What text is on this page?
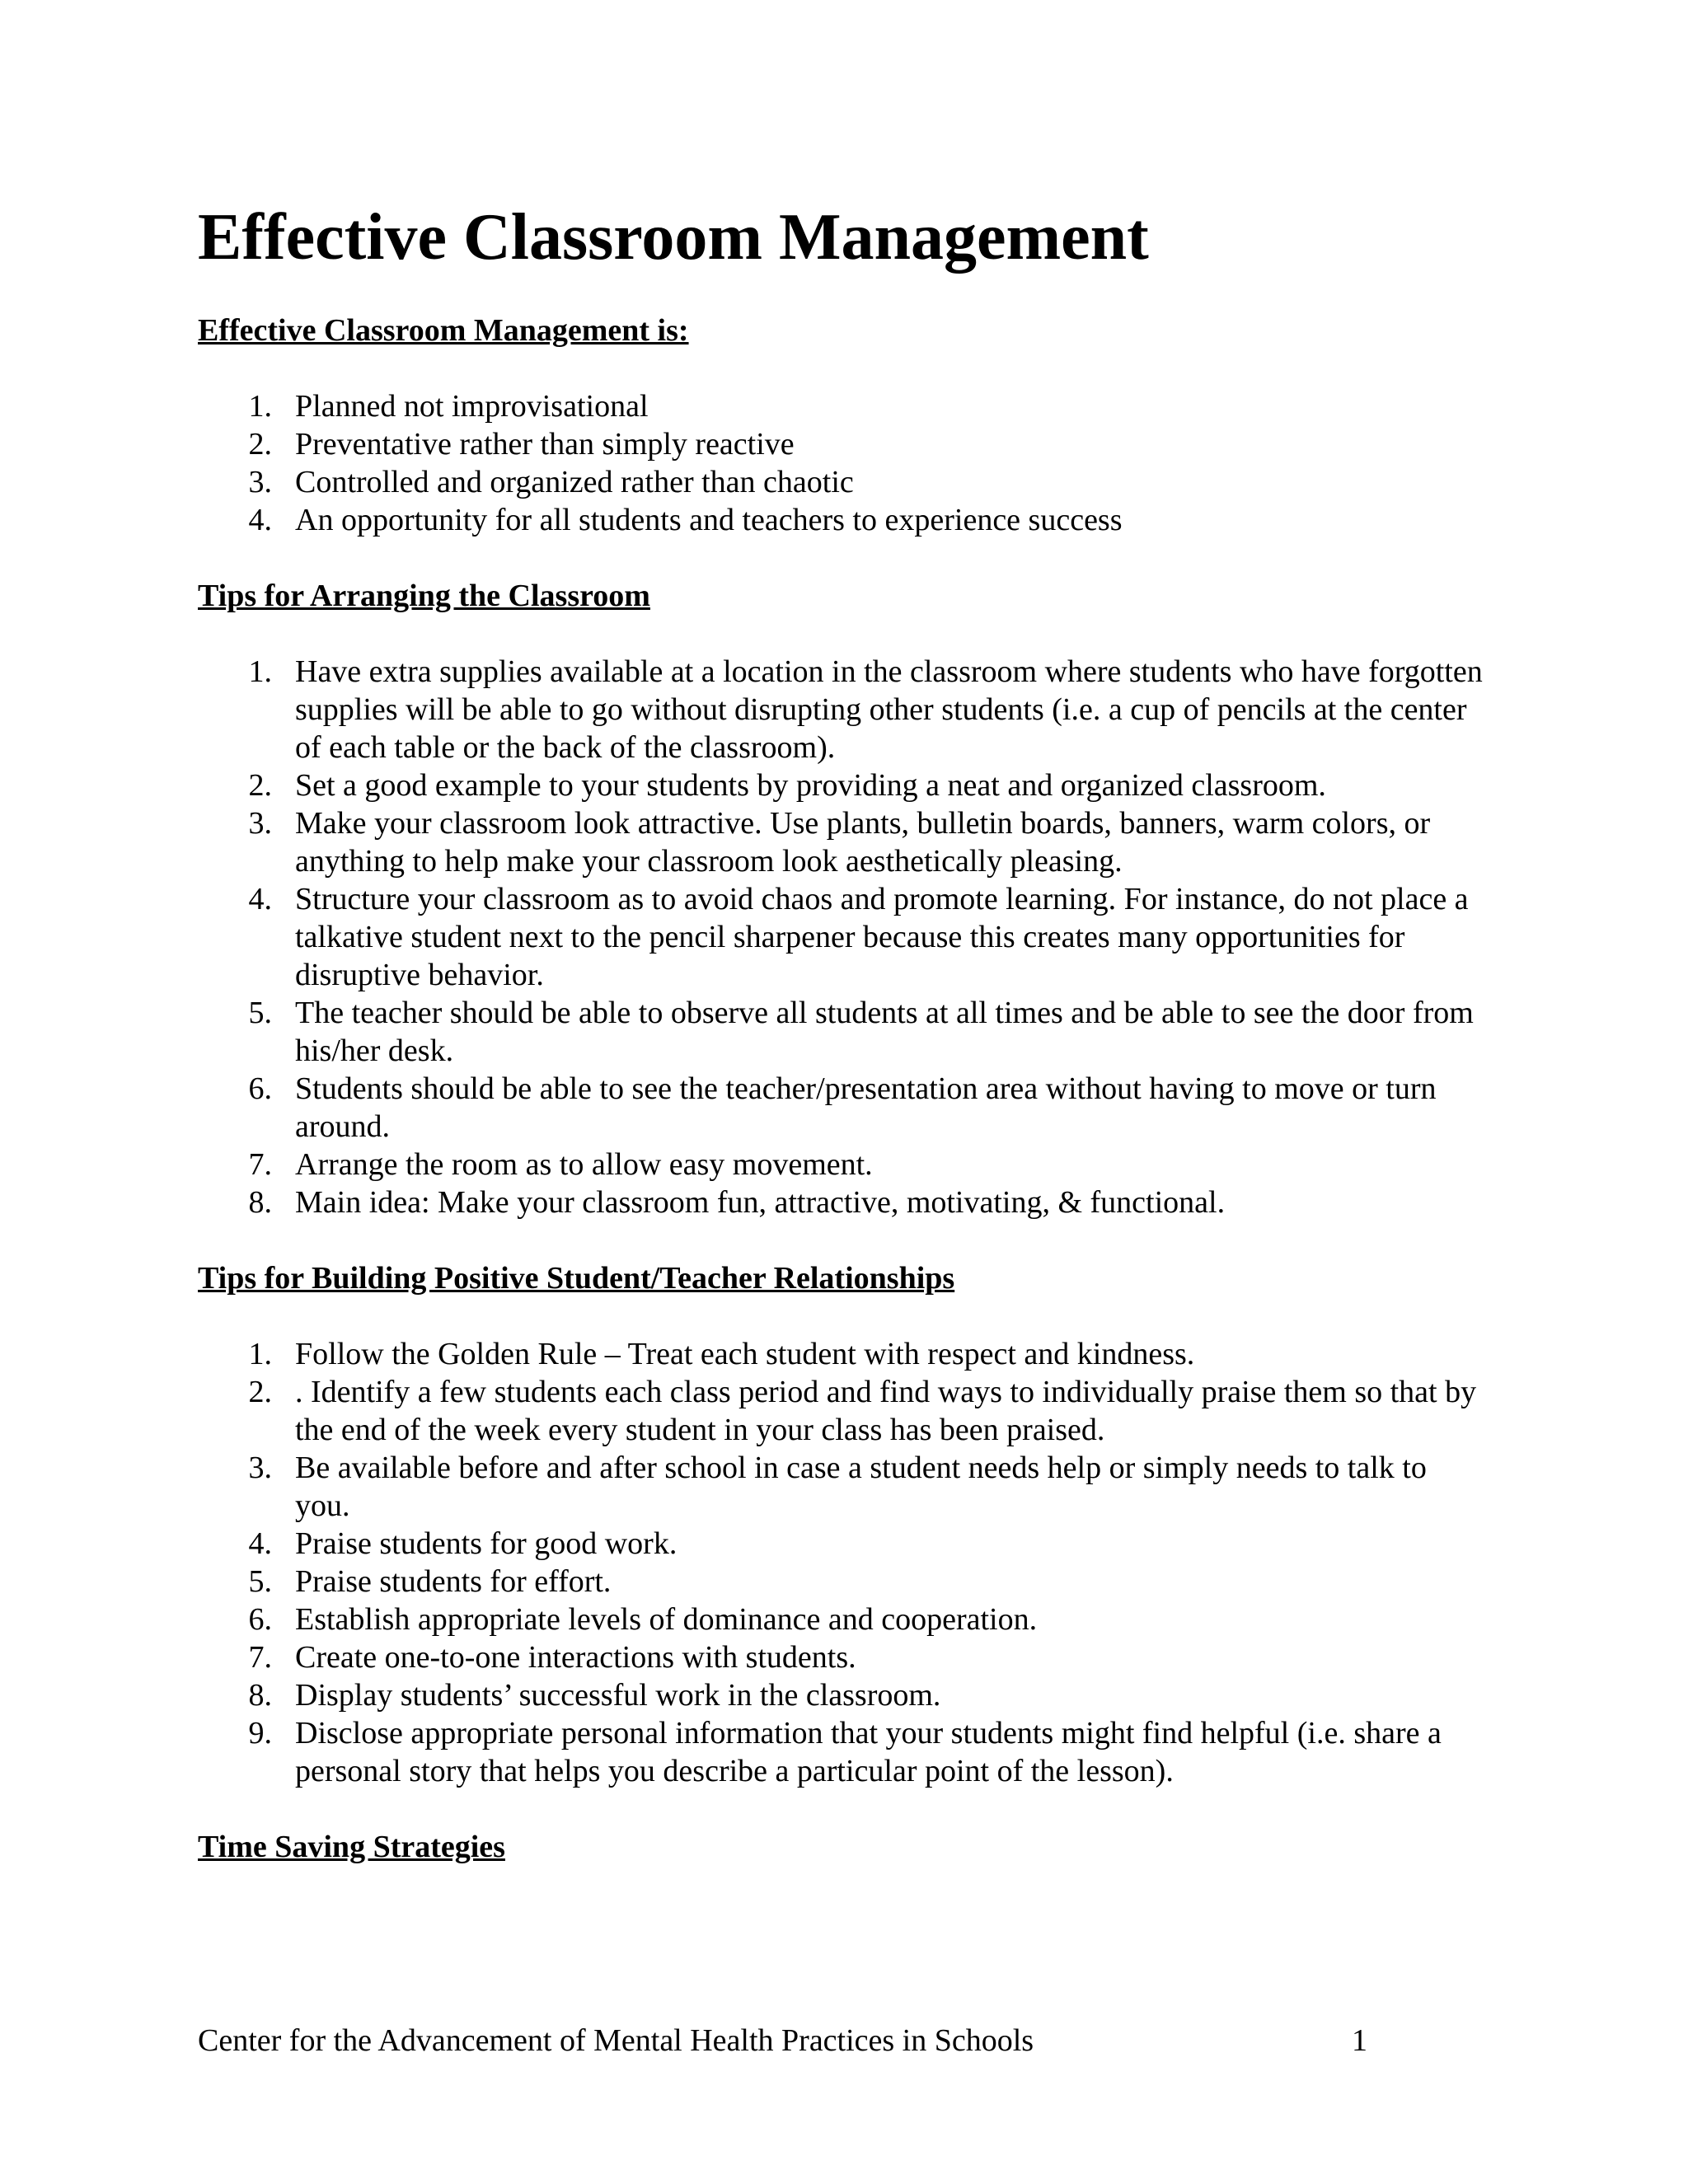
Effective Classroom Management
Effective Classroom Management is:
1. Planned not improvisational
2. Preventative rather than simply reactive
3. Controlled and organized rather than chaotic
4. An opportunity for all students and teachers to experience success
Tips for Arranging the Classroom
1. Have extra supplies available at a location in the classroom where students who have forgotten supplies will be able to go without disrupting other students (i.e. a cup of pencils at the center of each table or the back of the classroom).
2. Set a good example to your students by providing a neat and organized classroom.
3. Make your classroom look attractive. Use plants, bulletin boards, banners, warm colors, or anything to help make your classroom look aesthetically pleasing.
4. Structure your classroom as to avoid chaos and promote learning. For instance, do not place a talkative student next to the pencil sharpener because this creates many opportunities for disruptive behavior.
5. The teacher should be able to observe all students at all times and be able to see the door from his/her desk.
6. Students should be able to see the teacher/presentation area without having to move or turn around.
7. Arrange the room as to allow easy movement.
8. Main idea: Make your classroom fun, attractive, motivating, & functional.
Tips for Building Positive Student/Teacher Relationships
1. Follow the Golden Rule – Treat each student with respect and kindness.
2. . Identify a few students each class period and find ways to individually praise them so that by the end of the week every student in your class has been praised.
3. Be available before and after school in case a student needs help or simply needs to talk to you.
4. Praise students for good work.
5. Praise students for effort.
6. Establish appropriate levels of dominance and cooperation.
7. Create one-to-one interactions with students.
8. Display students’ successful work in the classroom.
9. Disclose appropriate personal information that your students might find helpful (i.e. share a personal story that helps you describe a particular point of the lesson).
Time Saving Strategies
Center for the Advancement of Mental Health Practices in Schools	1
